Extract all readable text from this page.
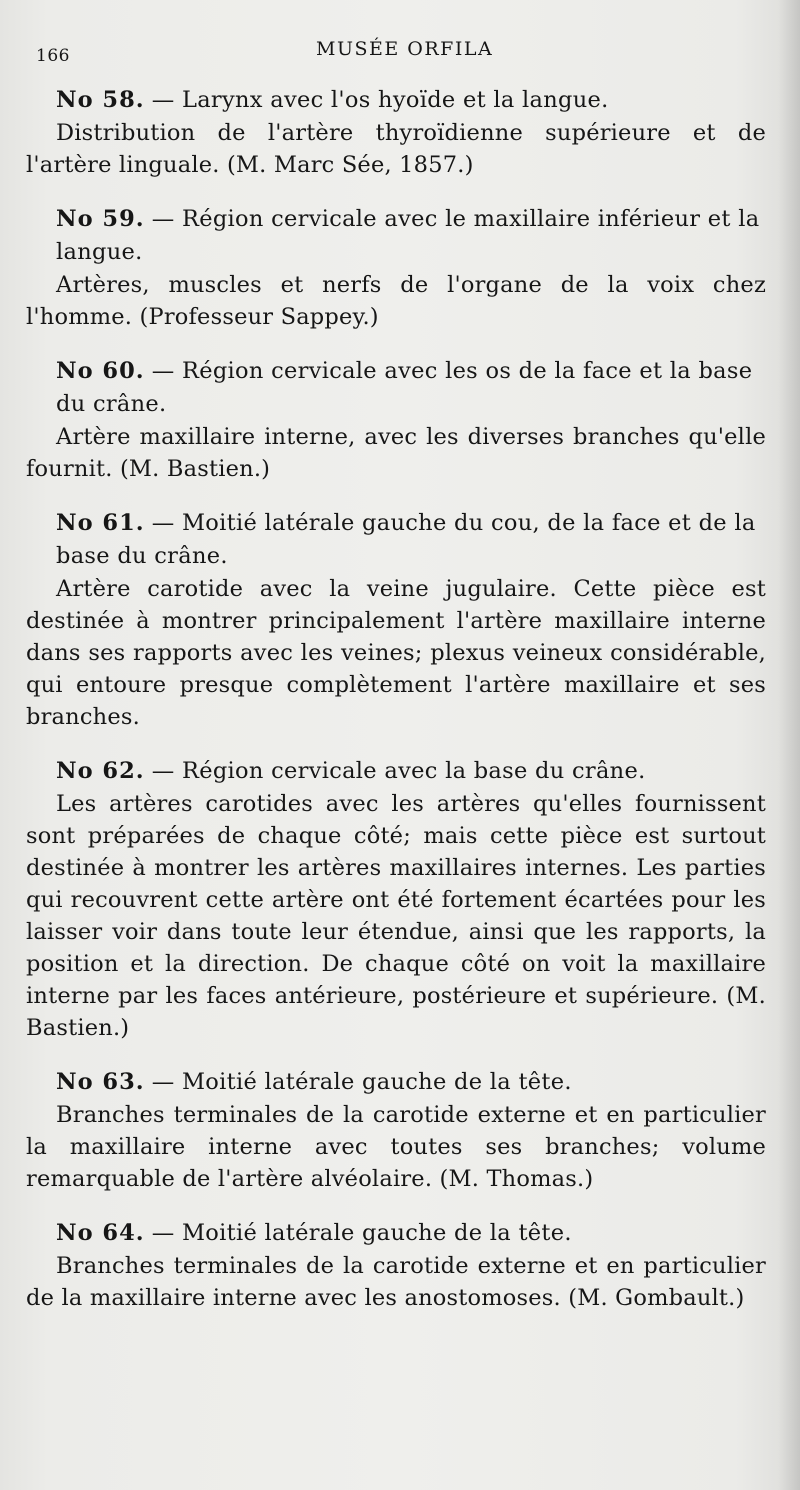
166	MUSÉE ORFILA

No 58. — Larynx avec l'os hyoïde et la langue.

Distribution de l'artère thyroïdienne supérieure et de l'artère linguale. (M. Marc Sée, 1857.)

No 59. — Région cervicale avec le maxillaire inférieur et la langue.

Artères, muscles et nerfs de l'organe de la voix chez l'homme. (Professeur Sappey.)

No 60. — Région cervicale avec les os de la face et la base du crâne.

Artère maxillaire interne, avec les diverses branches qu'elle fournit. (M. Bastien.)

No 61. — Moitié latérale gauche du cou, de la face et de la base du crâne.

Artère carotide avec la veine jugulaire. Cette pièce est destinée à montrer principalement l'artère maxillaire interne dans ses rapports avec les veines; plexus veineux considérable, qui entoure presque complètement l'artère maxillaire et ses branches.

No 62. — Région cervicale avec la base du crâne.

Les artères carotides avec les artères qu'elles fournissent sont préparées de chaque côté; mais cette pièce est surtout destinée à montrer les artères maxillaires internes. Les parties qui recouvrent cette artère ont été fortement écartées pour les laisser voir dans toute leur étendue, ainsi que les rapports, la position et la direction. De chaque côté on voit la maxillaire interne par les faces antérieure, postérieure et supérieure. (M. Bastien.)

No 63. — Moitié latérale gauche de la tête.

Branches terminales de la carotide externe et en particulier la maxillaire interne avec toutes ses branches; volume remarquable de l'artère alvéolaire. (M. Thomas.)

No 64. — Moitié latérale gauche de la tête.

Branches terminales de la carotide externe et en particulier de la maxillaire interne avec les anostomoses. (M. Gombault.)
